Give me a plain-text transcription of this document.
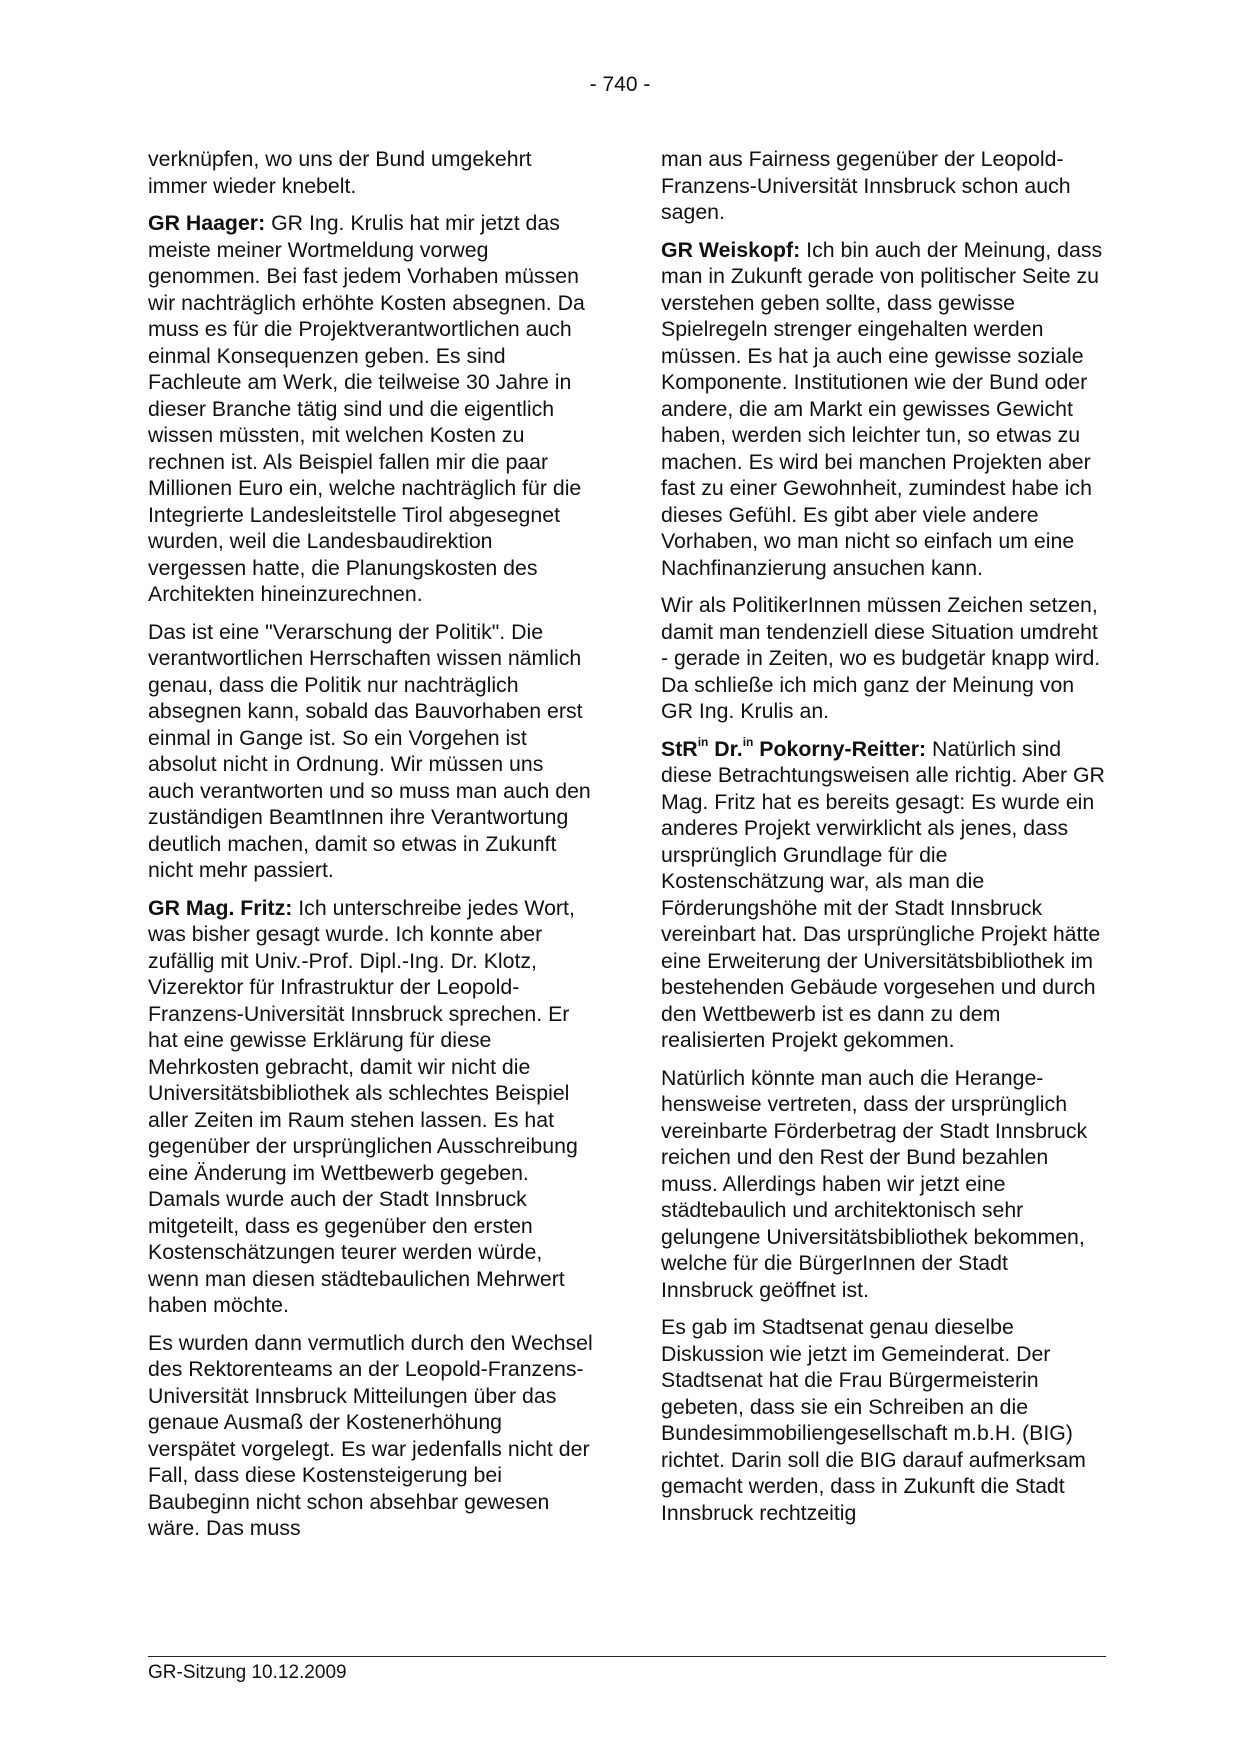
- 740 -

verknüpfen, wo uns der Bund umgekehrt immer wieder knebelt.

GR Haager: GR Ing. Krulis hat mir jetzt das meiste meiner Wortmeldung vorweg genommen. Bei fast jedem Vorhaben müssen wir nachträglich erhöhte Kosten absegnen. Da muss es für die Projektverantwortlichen auch einmal Konsequenzen geben. Es sind Fachleute am Werk, die teilweise 30 Jahre in dieser Branche tätig sind und die eigentlich wissen müssten, mit welchen Kosten zu rechnen ist. Als Beispiel fallen mir die paar Millionen Euro ein, welche nachträglich für die Integrierte Landesleitstelle Tirol abgesegnet wurden, weil die Landesbaudirektion vergessen hatte, die Planungskosten des Architekten hineinzurechnen.

Das ist eine "Verarschung der Politik". Die verantwortlichen Herrschaften wissen nämlich genau, dass die Politik nur nachträglich absegnen kann, sobald das Bauvorhaben erst einmal in Gange ist. So ein Vorgehen ist absolut nicht in Ordnung. Wir müssen uns auch verantworten und so muss man auch den zuständigen BeamtInnen ihre Verantwortung deutlich machen, damit so etwas in Zukunft nicht mehr passiert.

GR Mag. Fritz: Ich unterschreibe jedes Wort, was bisher gesagt wurde. Ich konnte aber zufällig mit Univ.-Prof. Dipl.-Ing. Dr. Klotz, Vizerektor für Infrastruktur der Leopold-Franzens-Universität Innsbruck sprechen. Er hat eine gewisse Erklärung für diese Mehrkosten gebracht, damit wir nicht die Universitätsbibliothek als schlechtes Beispiel aller Zeiten im Raum stehen lassen. Es hat gegenüber der ursprünglichen Ausschreibung eine Änderung im Wettbewerb gegeben. Damals wurde auch der Stadt Innsbruck mitgeteilt, dass es gegenüber den ersten Kostenschätzungen teurer werden würde, wenn man diesen städtebaulichen Mehrwert haben möchte.

Es wurden dann vermutlich durch den Wechsel des Rektorenteams an der Leopold-Franzens-Universität Innsbruck Mitteilungen über das genaue Ausmaß der Kostenerhöhung verspätet vorgelegt. Es war jedenfalls nicht der Fall, dass diese Kostensteigerung bei Baubeginn nicht schon absehbar gewesen wäre. Das muss

man aus Fairness gegenüber der Leopold-Franzens-Universität Innsbruck schon auch sagen.

GR Weiskopf: Ich bin auch der Meinung, dass man in Zukunft gerade von politischer Seite zu verstehen geben sollte, dass gewisse Spielregeln strenger eingehalten werden müssen. Es hat ja auch eine gewisse soziale Komponente. Institutionen wie der Bund oder andere, die am Markt ein gewisses Gewicht haben, werden sich leichter tun, so etwas zu machen. Es wird bei manchen Projekten aber fast zu einer Gewohnheit, zumindest habe ich dieses Gefühl. Es gibt aber viele andere Vorhaben, wo man nicht so einfach um eine Nachfinanzierung ansuchen kann.

Wir als PolitikerInnen müssen Zeichen setzen, damit man tendenziell diese Situation umdreht - gerade in Zeiten, wo es budgetär knapp wird. Da schließe ich mich ganz der Meinung von GR Ing. Krulis an.

StR$^{in}$ Dr.$^{in}$ Pokorny-Reitter: Natürlich sind diese Betrachtungsweisen alle richtig. Aber GR Mag. Fritz hat es bereits gesagt: Es wurde ein anderes Projekt verwirklicht als jenes, dass ursprünglich Grundlage für die Kostenschätzung war, als man die Förderungshöhe mit der Stadt Innsbruck vereinbart hat. Das ursprüngliche Projekt hätte eine Erweiterung der Universitätsbibliothek im bestehenden Gebäude vorgesehen und durch den Wettbewerb ist es dann zu dem realisierten Projekt gekommen.

Natürlich könnte man auch die Herangehensweise vertreten, dass der ursprünglich vereinbarte Förderbetrag der Stadt Innsbruck reichen und den Rest der Bund bezahlen muss. Allerdings haben wir jetzt eine städtebaulich und architektonisch sehr gelungene Universitätsbibliothek bekommen, welche für die BürgerInnen der Stadt Innsbruck geöffnet ist.

Es gab im Stadtsenat genau dieselbe Diskussion wie jetzt im Gemeinderat. Der Stadtsenat hat die Frau Bürgermeisterin gebeten, dass sie ein Schreiben an die Bundesimmobiliengesellschaft m.b.H. (BIG) richtet. Darin soll die BIG darauf aufmerksam gemacht werden, dass in Zukunft die Stadt Innsbruck rechtzeitig

GR-Sitzung 10.12.2009
